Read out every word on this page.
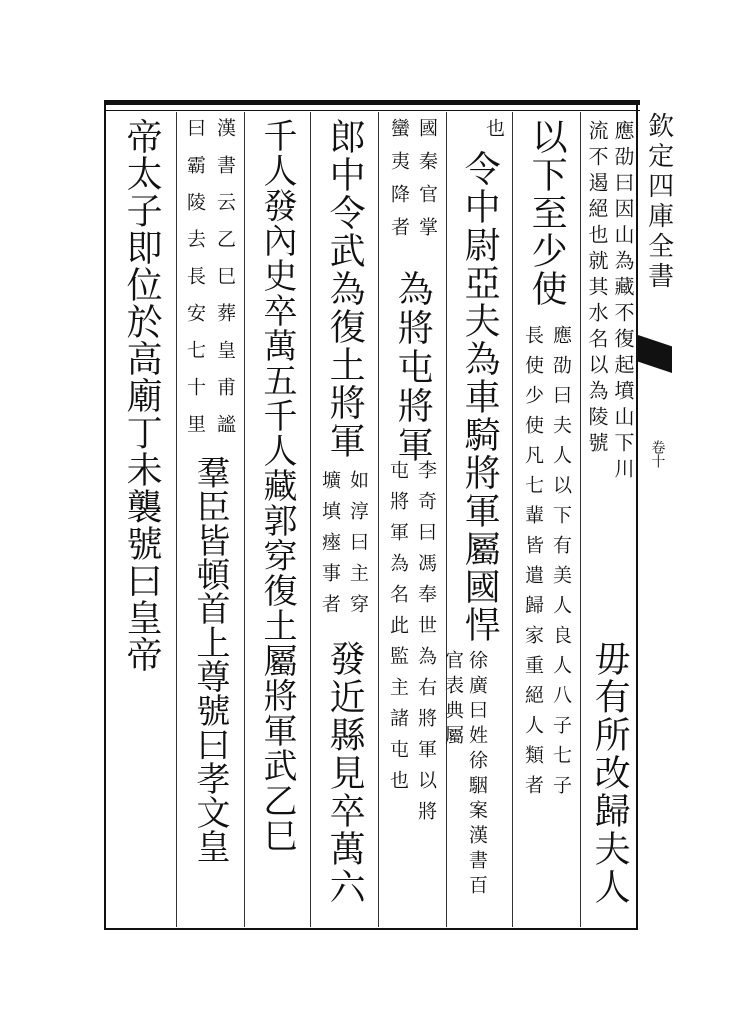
欽定四庫全書
卷十
應劭曰因山為藏不復起墳山下川
流不遏絕也就其水名以為陵號
毋有所改歸夫人
以下至少使
應劭曰夫人以下有美人良人八子七子
長使少使凡七輩皆遣歸家重絕人類者
也
令中尉亞夫為車騎將軍屬國悍
徐廣曰姓徐駰案漢書百官表典屬
國秦官掌
蠻夷降者
為將屯將軍
李奇曰馮奉世為右將軍以將
屯將軍為名此監主諸屯也
郎中令武為復土將軍
如淳曰主穿
壙填瘞事者
發近縣見卒萬六
千人發內史卒萬五千人藏郭穿復土屬將軍武乙巳
漢書云乙巳葬皇甫謐
曰霸陵去長安七十里
羣臣皆頓首上尊號曰孝文皇
帝太子即位於高廟丁未襲號曰皇帝
